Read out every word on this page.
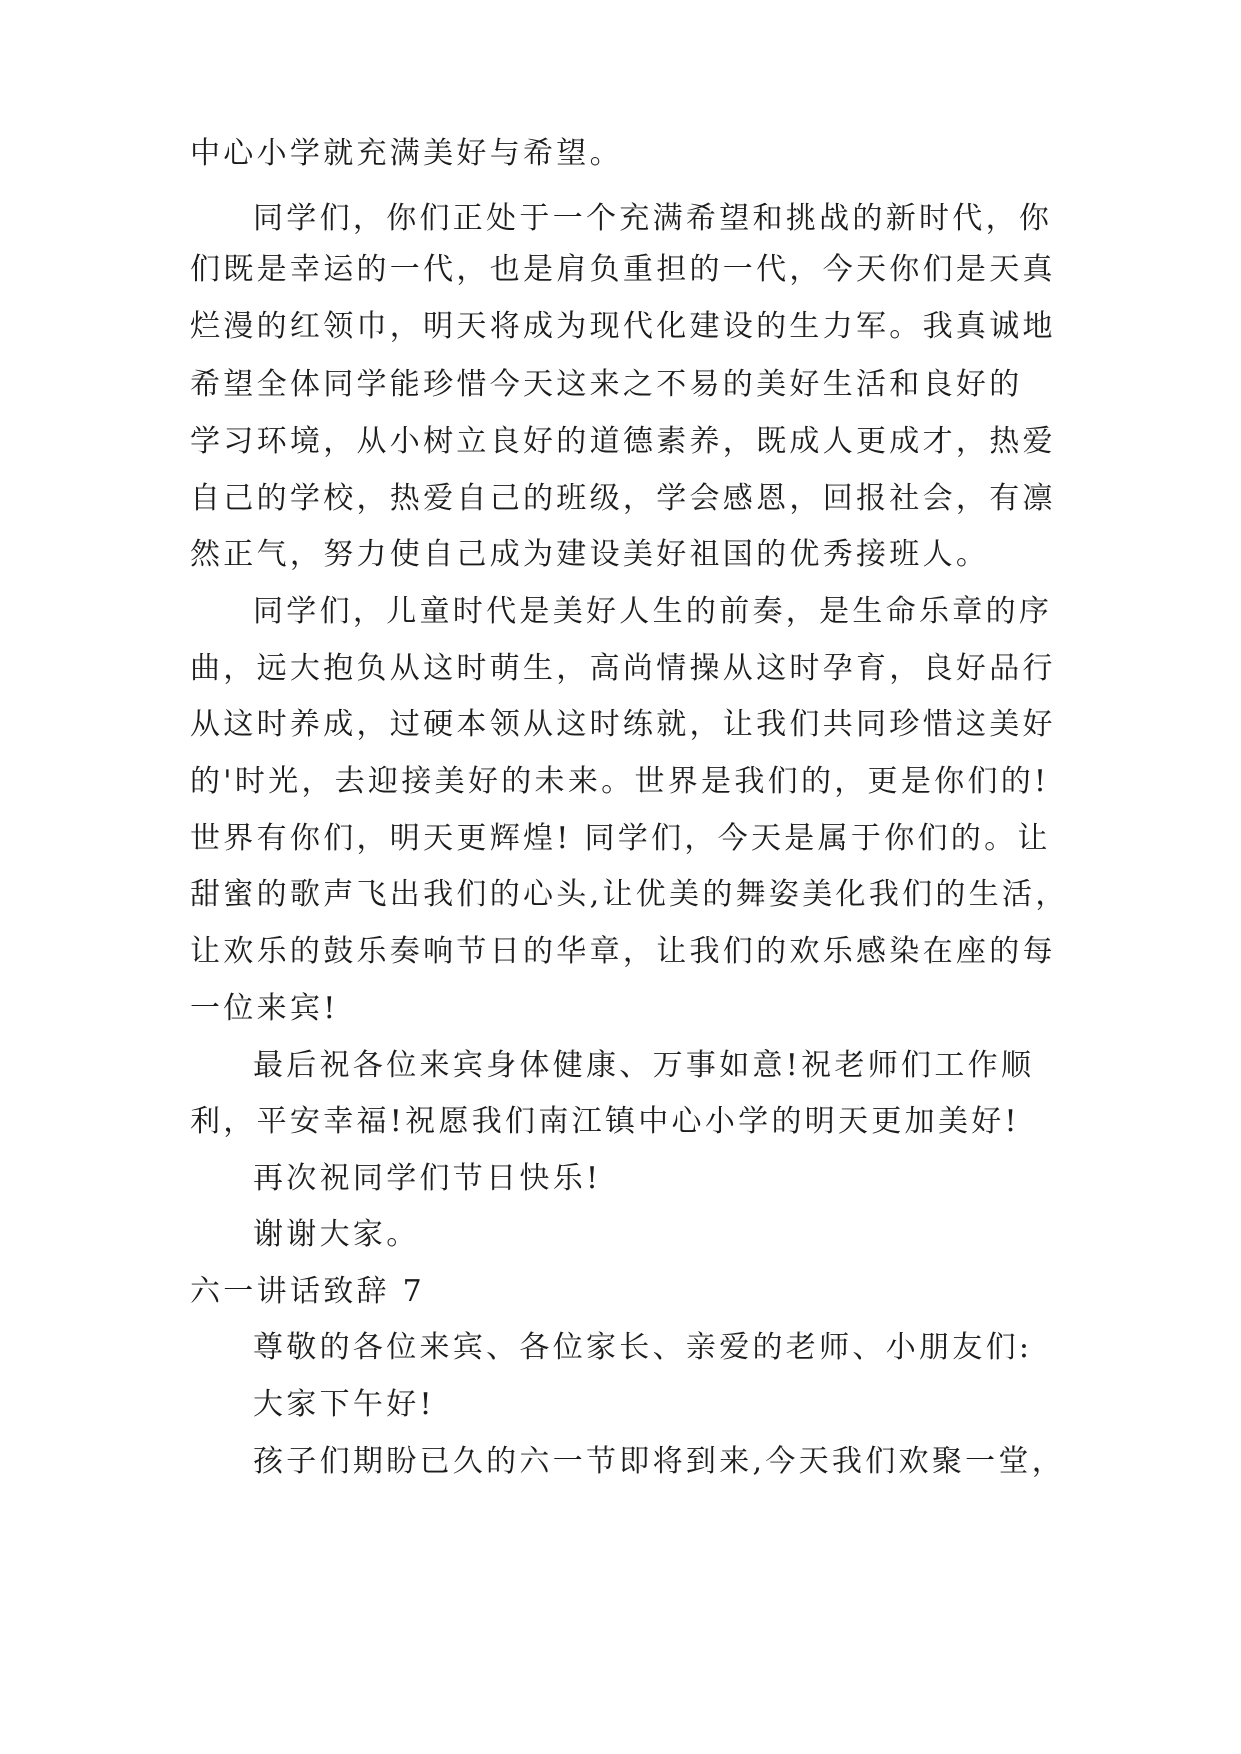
中心小学就充满美好与希望。
同学们，你们正处于一个充满希望和挑战的新时代，你
们既是幸运的一代，也是肩负重担的一代，今天你们是天真
烂漫的红领巾，明天将成为现代化建设的生力军。我真诚地
希望全体同学能珍惜今天这来之不易的美好生活和良好的
学习环境，从小树立良好的道德素养，既成人更成才，热爱
自己的学校，热爱自己的班级，学会感恩，回报社会，有凛
然正气，努力使自己成为建设美好祖国的优秀接班人。
同学们，儿童时代是美好人生的前奏，是生命乐章的序
曲，远大抱负从这时萌生，高尚情操从这时孕育，良好品行
从这时养成，过硬本领从这时练就，让我们共同珍惜这美好
的'时光，去迎接美好的未来。世界是我们的，更是你们的!
世界有你们，明天更辉煌! 同学们，今天是属于你们的。让
甜蜜的歌声飞出我们的心头,让优美的舞姿美化我们的生活，
让欢乐的鼓乐奏响节日的华章，让我们的欢乐感染在座的每
一位来宾!
最后祝各位来宾身体健康、万事如意!祝老师们工作顺
利，平安幸福!祝愿我们南江镇中心小学的明天更加美好!
再次祝同学们节日快乐!
谢谢大家。
六一讲话致辞 7
尊敬的各位来宾、各位家长、亲爱的老师、小朋友们:
大家下午好!
孩子们期盼已久的六一节即将到来,今天我们欢聚一堂，
